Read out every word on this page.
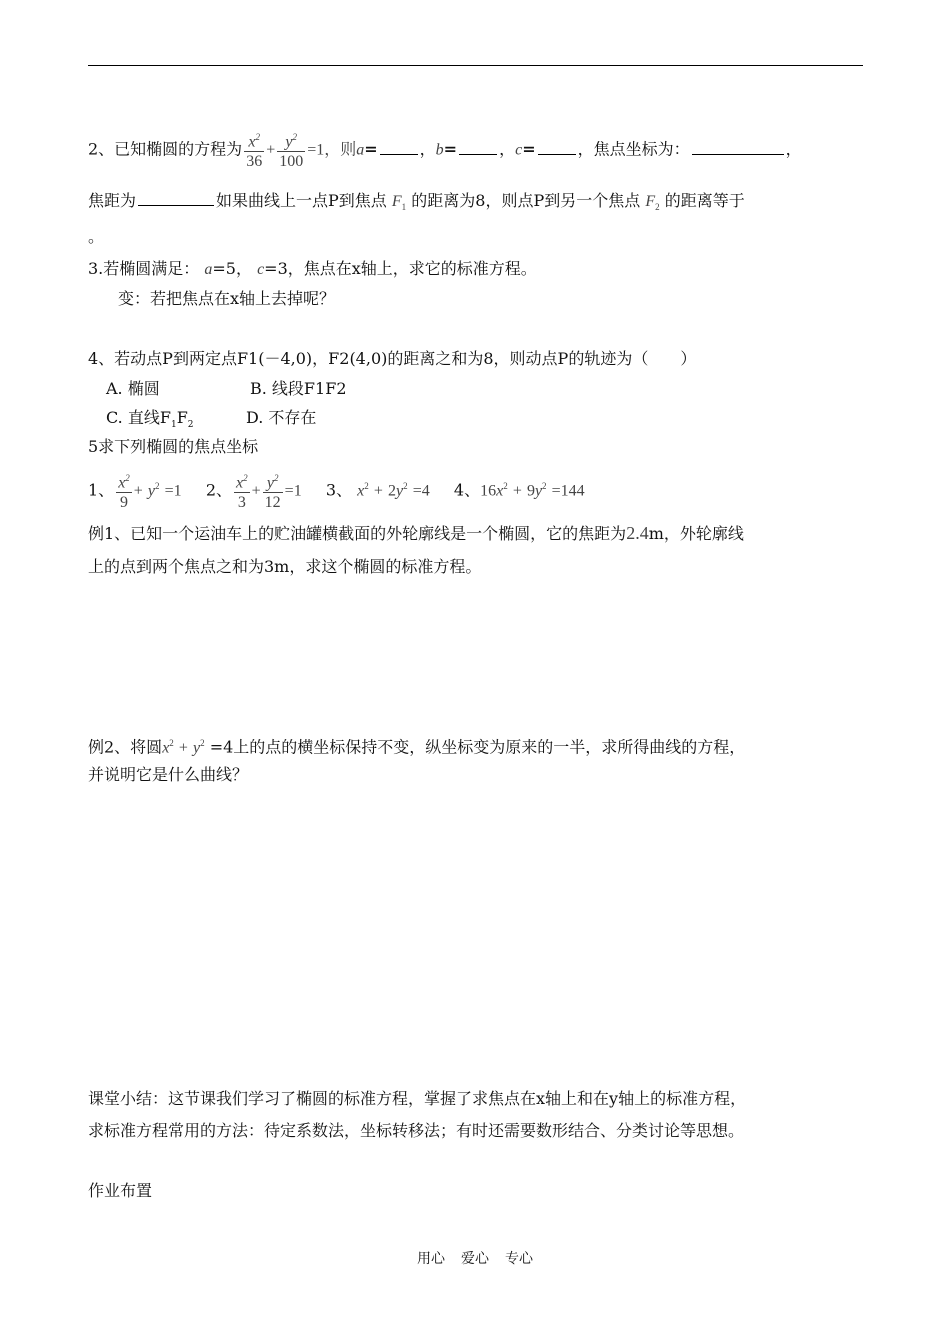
2、已知椭圆的方程为 $\frac{x^2}{36} + \frac{y^2}{100} =1$，则a=	，b=	，c=	，焦点坐标为：	，
焦距为	如果曲线上一点P到焦点 $F_1$ 的距离为8，则点P到另一个焦点 $F_2$ 的距离等于
。
3.若椭圆满足： a=5， c=3，焦点在x轴上，求它的标准方程。
变：若把焦点在x轴上去掉呢？
4、若动点P到两定点F1(－4,0)，F2(4,0)的距离之和为8，则动点P的轨迹为（　　）
A. 椭圆	B. 线段F1F2
C. 直线$F_1F_2$	D. 不存在
5求下列椭圆的焦点坐标
1、 $\frac{x^2}{9} + y^2 =1$ 2、 $\frac{x^2}{3} + \frac{y^2}{12} =1$ 3、 $x^2 + 2y^2 =4$ 4、$16x^2 + 9y^2 =144$
例1、已知一个运油车上的贮油罐横截面的外轮廓线是一个椭圆，它的焦距为2.4m，外轮廓线
上的点到两个焦点之和为3m，求这个椭圆的标准方程。
例2、将圆$x^2 + y^2 =4$上的点的横坐标保持不变，纵坐标变为原来的一半，求所得曲线的方程，
并说明它是什么曲线？
课堂小结：这节课我们学习了椭圆的标准方程，掌握了求焦点在x轴上和在y轴上的标准方程，
求标准方程常用的方法：待定系数法，坐标转移法；有时还需要数形结合、分类讨论等思想。
作业布置
用心 爱心 专心
